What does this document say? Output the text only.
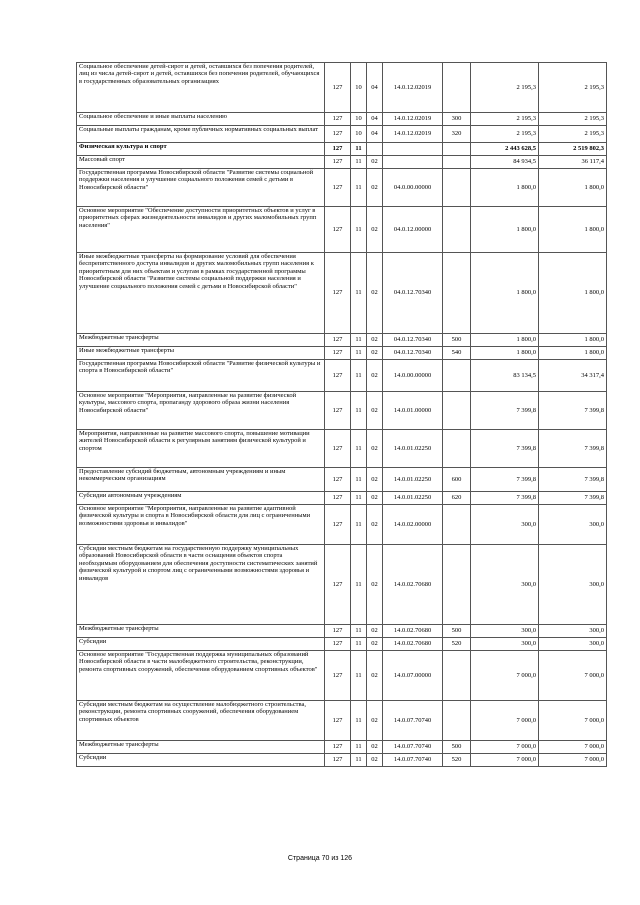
Социальное обеспечение детей-сирот и детей, оставшихся без попечения родителей, лиц из числа детей-сирот и детей, оставшихся без попечения родителей, обучающихся в государственных образовательных организациях	127	10	04	14.0.12.02019		2 195,3	2 195,3
Социальное обеспечение и иные выплаты населению	127	10	04	14.0.12.02019	300	2 195,3	2 195,3
Социальные выплаты гражданам, кроме публичных нормативных социальных выплат	127	10	04	14.0.12.02019	320	2 195,3	2 195,3
Физическая культура и спорт	127	11				2 443 628,5	2 519 802,3
Массовый спорт	127	11	02			84 934,5	36 117,4
Государственная программа Новосибирской области "Развитие системы социальной поддержки населения и улучшение социального положения семей с детьми в Новосибирской области"	127	11	02	04.0.00.00000		1 800,0	1 800,0
Основное мероприятие "Обеспечение доступности приоритетных объектов и услуг в приоритетных сферах жизнедеятельности инвалидов и других маломобильных групп населения"	127	11	02	04.0.12.00000		1 800,0	1 800,0
Иные межбюджетные трансферты на формирование условий для обеспечения беспрепятственного доступа инвалидов и других маломобильных групп населения к приоритетным для них объектам и услугам в рамках государственной программы Новосибирской области "Развитие системы социальной поддержки населения и улучшение социального положения семей с детьми в Новосибирской области"	127	11	02	04.0.12.70340		1 800,0	1 800,0
Межбюджетные трансферты	127	11	02	04.0.12.70340	500	1 800,0	1 800,0
Иные межбюджетные трансферты	127	11	02	04.0.12.70340	540	1 800,0	1 800,0
Государственная программа Новосибирской области "Развитие физической культуры и спорта в Новосибирской области"	127	11	02	14.0.00.00000		83 134,5	34 317,4
Основное мероприятие "Мероприятия, направленные на развитие физической культуры, массового спорта, пропаганду здорового образа жизни населения Новосибирской области"	127	11	02	14.0.01.00000		7 399,8	7 399,8
Мероприятия, направленные на развитие массового спорта, повышение мотивации жителей Новосибирской области к регулярным занятиям физической культурой и спортом	127	11	02	14.0.01.02250		7 399,8	7 399,8
Предоставление субсидий бюджетным, автономным учреждениям и иным некоммерческим организациям	127	11	02	14.0.01.02250	600	7 399,8	7 399,8
Субсидии автономным учреждениям	127	11	02	14.0.01.02250	620	7 399,8	7 399,8
Основное мероприятие "Мероприятия, направленные на развитие адаптивной физической культуры и спорта в Новосибирской области для лиц с ограниченными возможностями здоровья и инвалидов"	127	11	02	14.0.02.00000		300,0	300,0
Субсидии местным бюджетам на государственную поддержку муниципальных образований Новосибирской области в части оснащения объектов спорта необходимым оборудованием для обеспечения доступности систематических занятий физической культурой и спортом лиц с ограниченными возможностями здоровья и инвалидов	127	11	02	14.0.02.70680		300,0	300,0
Межбюджетные трансферты	127	11	02	14.0.02.70680	500	300,0	300,0
Субсидии	127	11	02	14.0.02.70680	520	300,0	300,0
Основное мероприятие "Государственная поддержка муниципальных образований Новосибирской области в части малобюджетного строительства, реконструкции, ремонта спортивных сооружений, обеспечения оборудованием спортивных объектов"	127	11	02	14.0.07.00000		7 000,0	7 000,0
Субсидии местным бюджетам на осуществление малобюджетного строительства, реконструкции, ремонта спортивных сооружений, обеспечения оборудованием спортивных объектов	127	11	02	14.0.07.70740		7 000,0	7 000,0
Межбюджетные трансферты	127	11	02	14.0.07.70740	500	7 000,0	7 000,0
Субсидии	127	11	02	14.0.07.70740	520	7 000,0	7 000,0
Страница 70 из 126
